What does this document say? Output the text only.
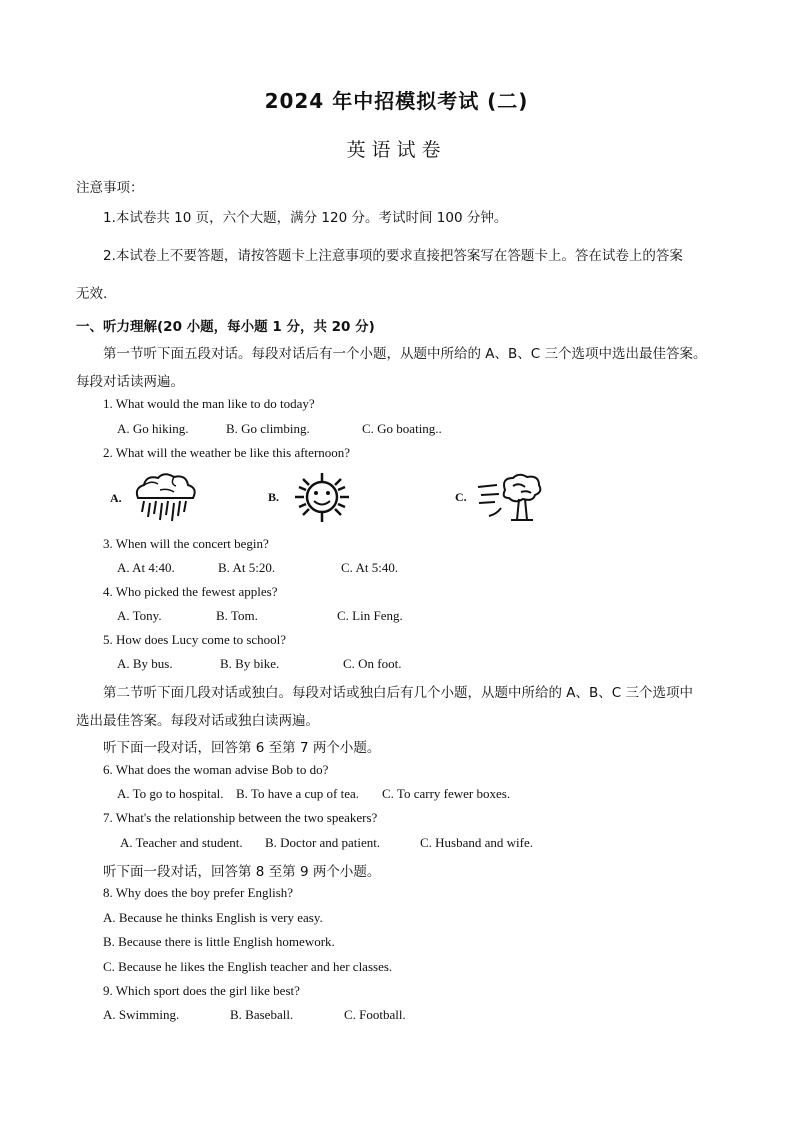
2024 年中招模拟考试 (二)
英语试卷
注意事项：
1.本试卷共 10 页，六个大题，满分 120 分。考试时间 100 分钟。
2.本试卷上不要答题，请按答题卡上注意事项的要求直接把答案写在答题卡上。答在试卷上的答案
无效.
一、听力理解(20 小题，每小题 1 分，共 20 分)
第一节听下面五段对话。每段对话后有一个小题，从题中所给的 A、B、C 三个选项中选出最佳答案。
每段对话读两遍。
1. What would the man like to do today?
A. Go hiking.	B. Go climbing.	C. Go boating..
2. What will the weather be like this afternoon?
A.	B.	C.
3. When will the concert begin?
A. At 4:40.	B. At 5:20.	C. At 5:40.
4. Who picked the fewest apples?
A. Tony.	B. Tom.	C. Lin Feng.
5. How does Lucy come to school?
A. By bus.	B. By bike.	C. On foot.
第二节听下面几段对话或独白。每段对话或独白后有几个小题，从题中所给的 A、B、C 三个选项中
选出最佳答案。每段对话或独白读两遍。
听下面一段对话，回答第 6 至第 7 两个小题。
6. What does the woman advise Bob to do?
A. To go to hospital. B. To have a cup of tea. C. To carry fewer boxes.
7. What's the relationship between the two speakers?
A. Teacher and student. B. Doctor and patient.	C. Husband and wife.
听下面一段对话，回答第 8 至第 9 两个小题。
8. Why does the boy prefer English?
A. Because he thinks English is very easy.
B. Because there is little English homework.
C. Because he likes the English teacher and her classes.
9. Which sport does the girl like best?
A. Swimming.	B. Baseball.	C. Football.
